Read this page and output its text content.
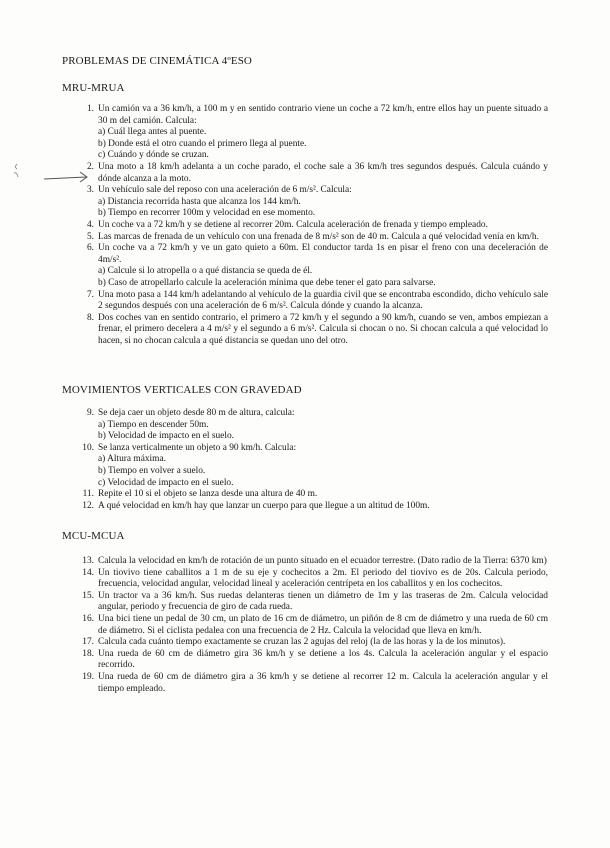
PROBLEMAS DE CINEMÁTICA 4ºESO
MRU-MRUA
1. Un camión va a 36 km/h, a 100 m y en sentido contrario viene un coche a 72 km/h, entre ellos hay un puente situado a 30 m del camión. Calcula:
a) Cuál llega antes al puente.
b) Donde está el otro cuando el primero llega al puente.
c) Cuándo y dónde se cruzan.
2. Una moto a 18 km/h adelanta a un coche parado, el coche sale a 36 km/h tres segundos después. Calcula cuándo y dónde alcanza a la moto.
3. Un vehículo sale del reposo con una aceleración de 6 m/s². Calcula:
a) Distancia recorrida hasta que alcanza los 144 km/h.
b) Tiempo en recorrer 100m y velocidad en ese momento.
4. Un coche va a 72 km/h y se detiene al recorrer 20m. Calcula aceleración de frenada y tiempo empleado.
5. Las marcas de frenada de un vehículo con una frenada de 8 m/s² son de 40 m. Calcula a qué velocidad venía en km/h.
6. Un coche va a 72 km/h y ve un gato quieto a 60m. El conductor tarda 1s en pisar el freno con una deceleración de 4m/s².
a) Calcule si lo atropella o a qué distancia se queda de él.
b) Caso de atropellarlo calcule la aceleración mínima que debe tener el gato para salvarse.
7. Una moto pasa a 144 km/h adelantando al vehículo de la guardia civil que se encontraba escondido, dicho vehículo sale 2 segundos después con una aceleración de 6 m/s². Calcula dónde y cuando la alcanza.
8. Dos coches van en sentido contrario, el primero a 72 km/h y el segundo a 90 km/h, cuando se ven, ambos empiezan a frenar, el primero decelera a 4 m/s² y el segundo a 6 m/s². Calcula si chocan o no. Si chocan calcula a qué velocidad lo hacen, si no chocan calcula a qué distancia se quedan uno del otro.
MOVIMIENTOS VERTICALES CON GRAVEDAD
9. Se deja caer un objeto desde 80 m de altura, calcula:
a) Tiempo en descender 50m.
b) Velocidad de impacto en el suelo.
10. Se lanza verticalmente un objeto a 90 km/h. Calcula:
a) Altura máxima.
b) Tiempo en volver a suelo.
c) Velocidad de impacto en el suelo.
11. Repite el 10 si el objeto se lanza desde una altura de 40 m.
12. A qué velocidad en km/h hay que lanzar un cuerpo para que llegue a un altitud de 100m.
MCU-MCUA
13. Calcula la velocidad en km/h de rotación de un punto situado en el ecuador terrestre. (Dato radio de la Tierra: 6370 km)
14. Un tiovivo tiene caballitos a 1 m de su eje y cochecitos a 2m. El periodo del tiovivo es de 20s. Calcula periodo, frecuencia, velocidad angular, velocidad lineal y aceleración centrípeta en los caballitos y en los cochecitos.
15. Un tractor va a 36 km/h. Sus ruedas delanteras tienen un diámetro de 1m y las traseras de 2m. Calcula velocidad angular, periodo y frecuencia de giro de cada rueda.
16. Una bici tiene un pedal de 30 cm, un plato de 16 cm de diámetro, un piñón de 8 cm de diámetro y una rueda de 60 cm de diámetro. Si el ciclista pedalea con una frecuencia de 2 Hz. Calcula la velocidad que lleva en km/h.
17. Calcula cada cuánto tiempo exactamente se cruzan las 2 agujas del reloj (la de las horas y la de los minutos).
18. Una rueda de 60 cm de diámetro gira 36 km/h y se detiene a los 4s. Calcula la aceleración angular y el espacio recorrido.
19. Una rueda de 60 cm de diámetro gira a 36 km/h y se detiene al recorrer 12 m. Calcula la aceleración angular y el tiempo empleado.
